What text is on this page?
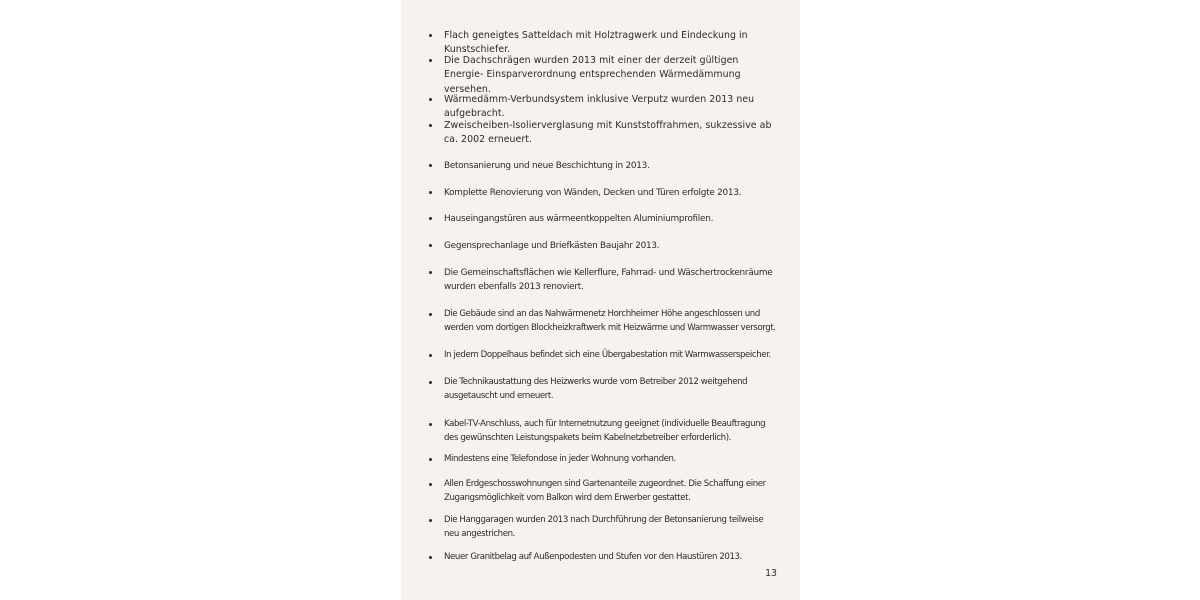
Flach geneigtes Satteldach mit Holztragwerk und Eindeckung in Kunstschiefer.
Die Dachschrägen wurden 2013 mit einer der derzeit gültigen Energie- Einsparverordnung entsprechenden Wärmedämmung versehen.
Wärmedämm-Verbundsystem inklusive Verputz wurden 2013 neu aufgebracht.
Zweischeiben-Isolierverglasung mit Kunststoffrahmen, sukzessive ab ca. 2002 erneuert.
Betonsanierung und neue Beschichtung in 2013.
Komplette Renovierung von Wänden, Decken und Türen erfolgte 2013.
Hauseingangstüren aus wärmeentkoppelten Aluminiumprofilen.
Gegensprechanlage und Briefkästen Baujahr 2013.
Die Gemeinschaftsflächen wie Kellerflure, Fahrrad- und Wäschertrockenräume wurden ebenfalls 2013 renoviert.
Die Gebäude sind an das Nahwärmenetz Horchheimer Höhe angeschlossen und werden vom dortigen Blockheizkraftwerk mit Heizwärme und Warmwasser versorgt.
In jedem Doppelhaus befindet sich eine Übergabestation mit Warmwasserspeicher.
Die Technikaustattung des Heizwerks wurde vom Betreiber 2012 weitgehend ausgetauscht und erneuert.
Kabel-TV-Anschluss, auch für Internetnutzung geeignet (individuelle Beauftragung des gewünschten Leistungspakets beim Kabelnetzbetreiber erforderlich).
Mindestens eine Telefondose in jeder Wohnung vorhanden.
Allen Erdgeschosswohnungen sind Gartenanteile zugeordnet. Die Schaffung einer Zugangsmöglichkeit vom Balkon wird dem Erwerber gestattet.
Die Hanggaragen wurden 2013 nach Durchführung der Betonsanierung teilweise neu angestrichen.
Neuer Granitbelag auf Außenpodesten und Stufen vor den Haustüren 2013.
13
